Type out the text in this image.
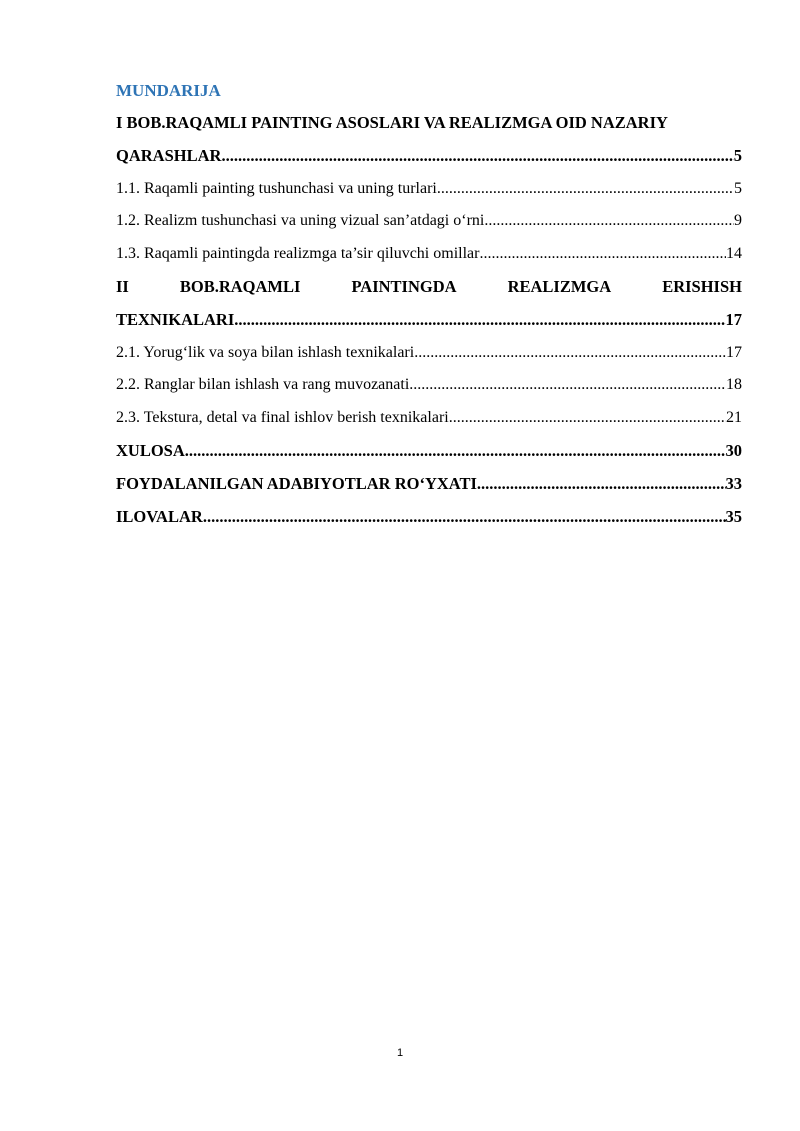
MUNDARIJA
I BOB.RAQAMLI PAINTING ASOSLARI VA REALIZMGA OID NAZARIY
QARASHLAR .....	5
1.1. Raqamli painting tushunchasi va uning turlari .....	5
1.2. Realizm tushunchasi va uning vizual san’atdagi o‘rni .....	9
1.3. Raqamli paintingda realizmga ta’sir qiluvchi omillar .....	14
II	BOB.RAQAMLI	PAINTINGDA	REALIZMGA	ERISHISH
TEXNIKALARI .....	17
2.1. Yorug‘lik va soya bilan ishlash texnikalari .....	17
2.2. Ranglar bilan ishlash va rang muvozanati .....	18
2.3. Tekstura, detal va final ishlov berish texnikalari .....	21
XULOSA .....	30
FOYDALANILGAN ADABIYOTLAR RO‘YXATI .....	33
ILOVALAR .....	35
1
